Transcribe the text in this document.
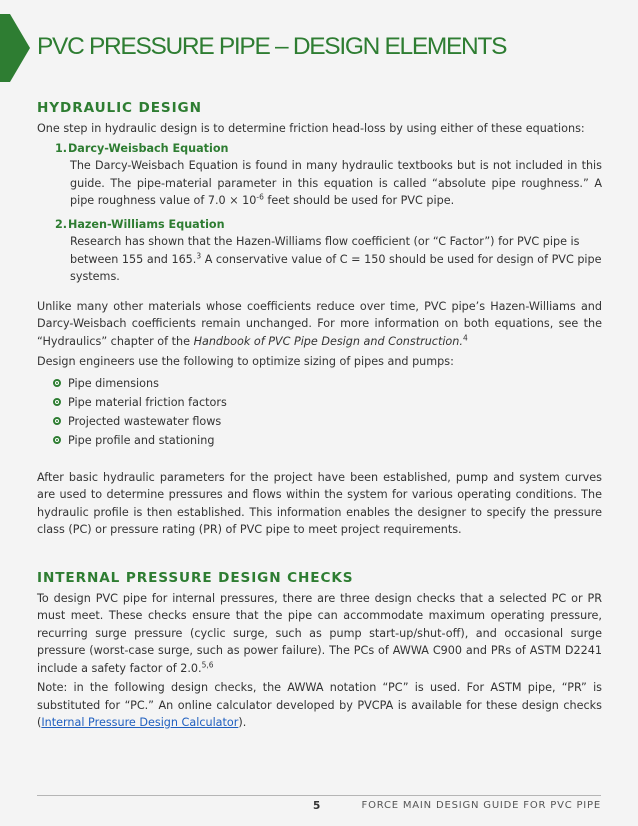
PVC PRESSURE PIPE – DESIGN ELEMENTS
HYDRAULIC DESIGN

One step in hydraulic design is to determine friction head-loss by using either of these equations:

1. Darcy-Weisbach Equation

The Darcy-Weisbach Equation is found in many hydraulic textbooks but is not included in this guide. The pipe-material parameter in this equation is called “absolute pipe roughness.” A pipe roughness value of $7.0 \times 10^{-6}$ feet should be used for PVC pipe.

2. Hazen-Williams Equation

Research has shown that the Hazen-Williams flow coefficient (or “C Factor”) for PVC pipe is between 155 and 165.$^3$ A conservative value of C = 150 should be used for design of PVC pipe systems.

Unlike many other materials whose coefficients reduce over time, PVC pipe’s Hazen-Williams and Darcy-Weisbach coefficients remain unchanged. For more information on both equations, see the “Hydraulics” chapter of the Handbook of PVC Pipe Design and Construction.$^4$

Design engineers use the following to optimize sizing of pipes and pumps:

Pipe dimensions
Pipe material friction factors
Projected wastewater flows
Pipe profile and stationing

After basic hydraulic parameters for the project have been established, pump and system curves are used to determine pressures and flows within the system for various operating conditions. The hydraulic profile is then established. This information enables the designer to specify the pressure class (PC) or pressure rating (PR) of PVC pipe to meet project requirements.

INTERNAL PRESSURE DESIGN CHECKS

To design PVC pipe for internal pressures, there are three design checks that a selected PC or PR must meet. These checks ensure that the pipe can accommodate maximum operating pressure, recurring surge pressure (cyclic surge, such as pump start-up/shut-off), and occasional surge pressure (worst-case surge, such as power failure). The PCs of AWWA C900 and PRs of ASTM D2241 include a safety factor of 2.0.$^{5,6}$

Note: in the following design checks, the AWWA notation “PC” is used. For ASTM pipe, “PR” is substituted for “PC.” An online calculator developed by PVCPA is available for these design checks (Internal Pressure Design Calculator).

5	FORCE MAIN DESIGN GUIDE FOR PVC PIPE
